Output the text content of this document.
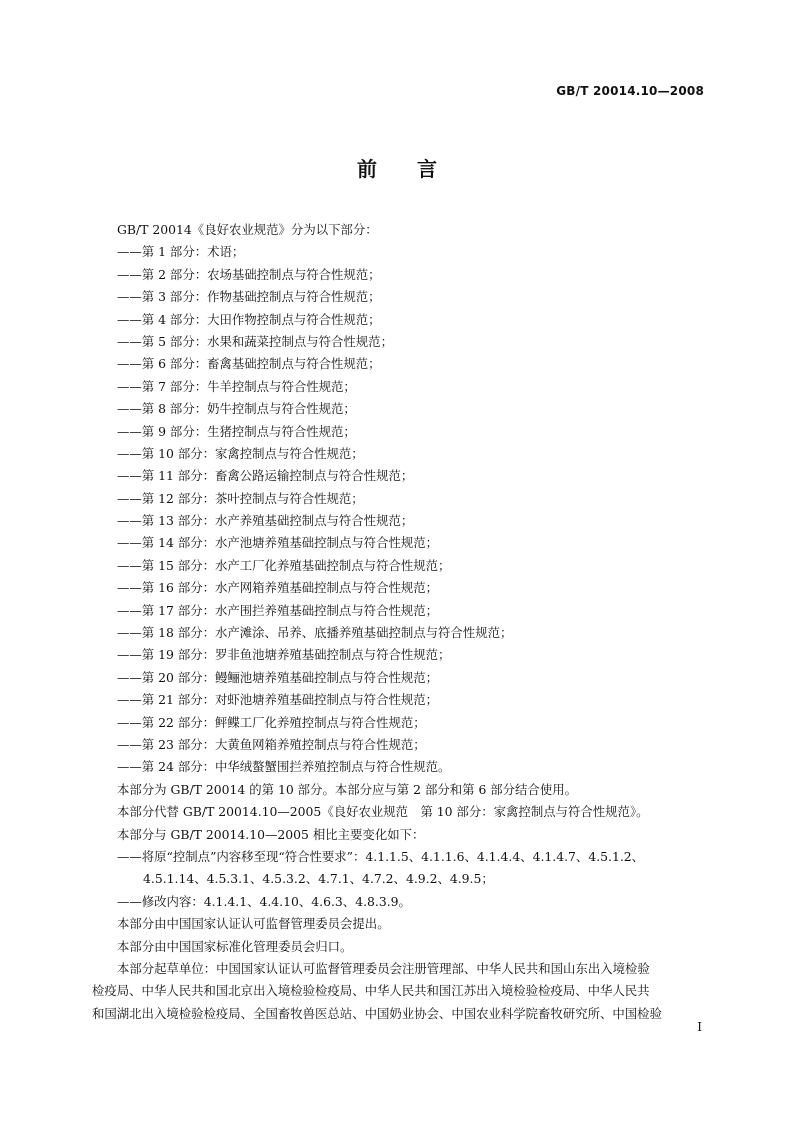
GB/T 20014.10—2008
前言
GB/T 20014《良好农业规范》分为以下部分：
——第 1 部分：术语；
——第 2 部分：农场基础控制点与符合性规范；
——第 3 部分：作物基础控制点与符合性规范；
——第 4 部分：大田作物控制点与符合性规范；
——第 5 部分：水果和蔬菜控制点与符合性规范；
——第 6 部分：畜禽基础控制点与符合性规范；
——第 7 部分：牛羊控制点与符合性规范；
——第 8 部分：奶牛控制点与符合性规范；
——第 9 部分：生猪控制点与符合性规范；
——第 10 部分：家禽控制点与符合性规范；
——第 11 部分：畜禽公路运输控制点与符合性规范；
——第 12 部分：茶叶控制点与符合性规范；
——第 13 部分：水产养殖基础控制点与符合性规范；
——第 14 部分：水产池塘养殖基础控制点与符合性规范；
——第 15 部分：水产工厂化养殖基础控制点与符合性规范；
——第 16 部分：水产网箱养殖基础控制点与符合性规范；
——第 17 部分：水产围拦养殖基础控制点与符合性规范；
——第 18 部分：水产滩涂、吊养、底播养殖基础控制点与符合性规范；
——第 19 部分：罗非鱼池塘养殖基础控制点与符合性规范；
——第 20 部分：鳗鲡池塘养殖基础控制点与符合性规范；
——第 21 部分：对虾池塘养殖基础控制点与符合性规范；
——第 22 部分：鲆鲽工厂化养殖控制点与符合性规范；
——第 23 部分：大黄鱼网箱养殖控制点与符合性规范；
——第 24 部分：中华绒螯蟹围拦养殖控制点与符合性规范。
本部分为 GB/T 20014 的第 10 部分。本部分应与第 2 部分和第 6 部分结合使用。
本部分代替 GB/T 20014.10—2005《良好农业规范　第 10 部分：家禽控制点与符合性规范》。
本部分与 GB/T 20014.10—2005 相比主要变化如下：
——将原“控制点”内容移至现“符合性要求”：4.1.1.5、4.1.1.6、4.1.4.4、4.1.4.7、4.5.1.2、
4.5.1.14、4.5.3.1、4.5.3.2、4.7.1、4.7.2、4.9.2、4.9.5；
——修改内容：4.1.4.1、4.4.10、4.6.3、4.8.3.9。
本部分由中国国家认证认可监督管理委员会提出。
本部分由中国国家标准化管理委员会归口。
本部分起草单位：中国国家认证认可监督管理委员会注册管理部、中华人民共和国山东出入境检验
检疫局、中华人民共和国北京出入境检验检疫局、中华人民共和国江苏出入境检验检疫局、中华人民共
和国湖北出入境检验检疫局、全国畜牧兽医总站、中国奶业协会、中国农业科学院畜牧研究所、中国检验
I
